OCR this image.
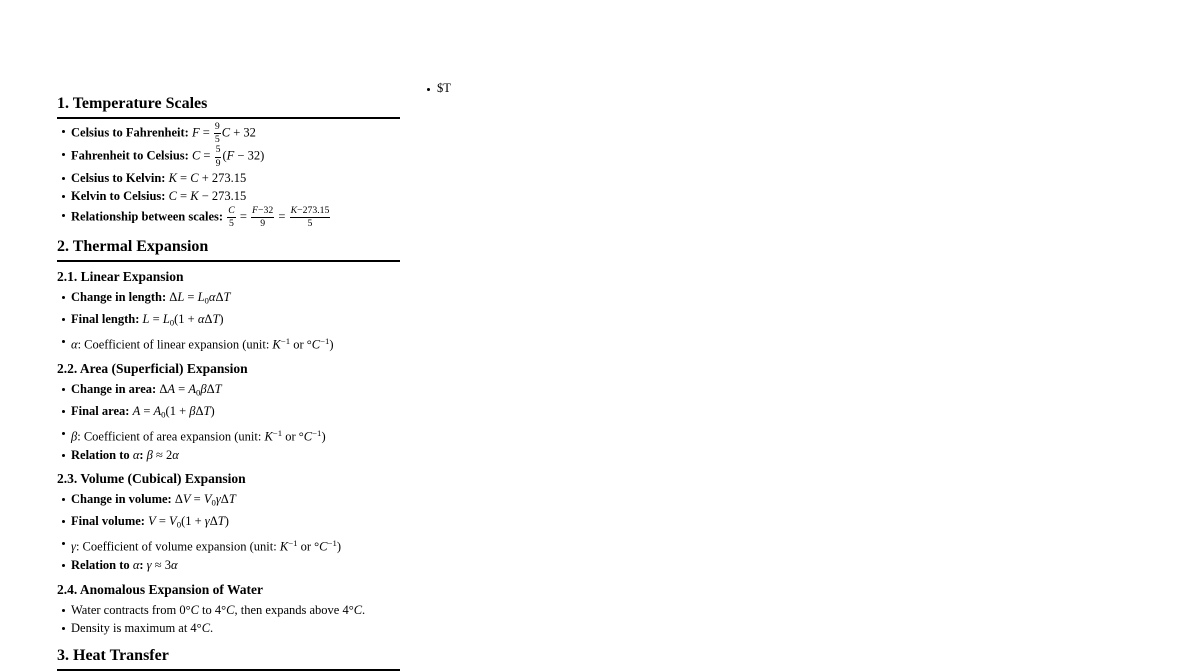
$T
1. Temperature Scales
Celsius to Fahrenheit: $F = \frac{9}{5}$ C + 32
Fahrenheit to Celsius: $C = \frac{5}{9} (F - 32)$
Celsius to Kelvin: K = C + 273.15
Kelvin to Celsius: C = K − 273.15
Relationship between scales: $\frac{C}{5} = \frac{F-32}{9} = \frac{K-273.15}{5}$
2. Thermal Expansion
2.1. Linear Expansion
Change in length: ΔL = L0αΔT
Final length: L = L0(1 + αΔT)
α: Coefficient of linear expansion (unit: $K^{-1}$ or $^\circ C^{-1}$)
2.2. Area (Superficial) Expansion
Change in area: ΔA = A0βΔT
Final area: A = A0(1 + βΔT)
β: Coefficient of area expansion (unit: $K^{-1}$ or $^\circ C^{-1}$)
Relation to α: β ≈ 2α
2.3. Volume (Cubical) Expansion
Change in volume: ΔV = V0γΔT
Final volume: V = V0(1 + γΔT)
γ: Coefficient of volume expansion (unit: $K^{-1}$ or $^\circ C^{-1}$)
Relation to α: γ ≈ 3α
2.4. Anomalous Expansion of Water
Water contracts from 0°C to 4°C, then expands above 4°C.
Density is maximum at 4°C.
3. Heat Transfer
